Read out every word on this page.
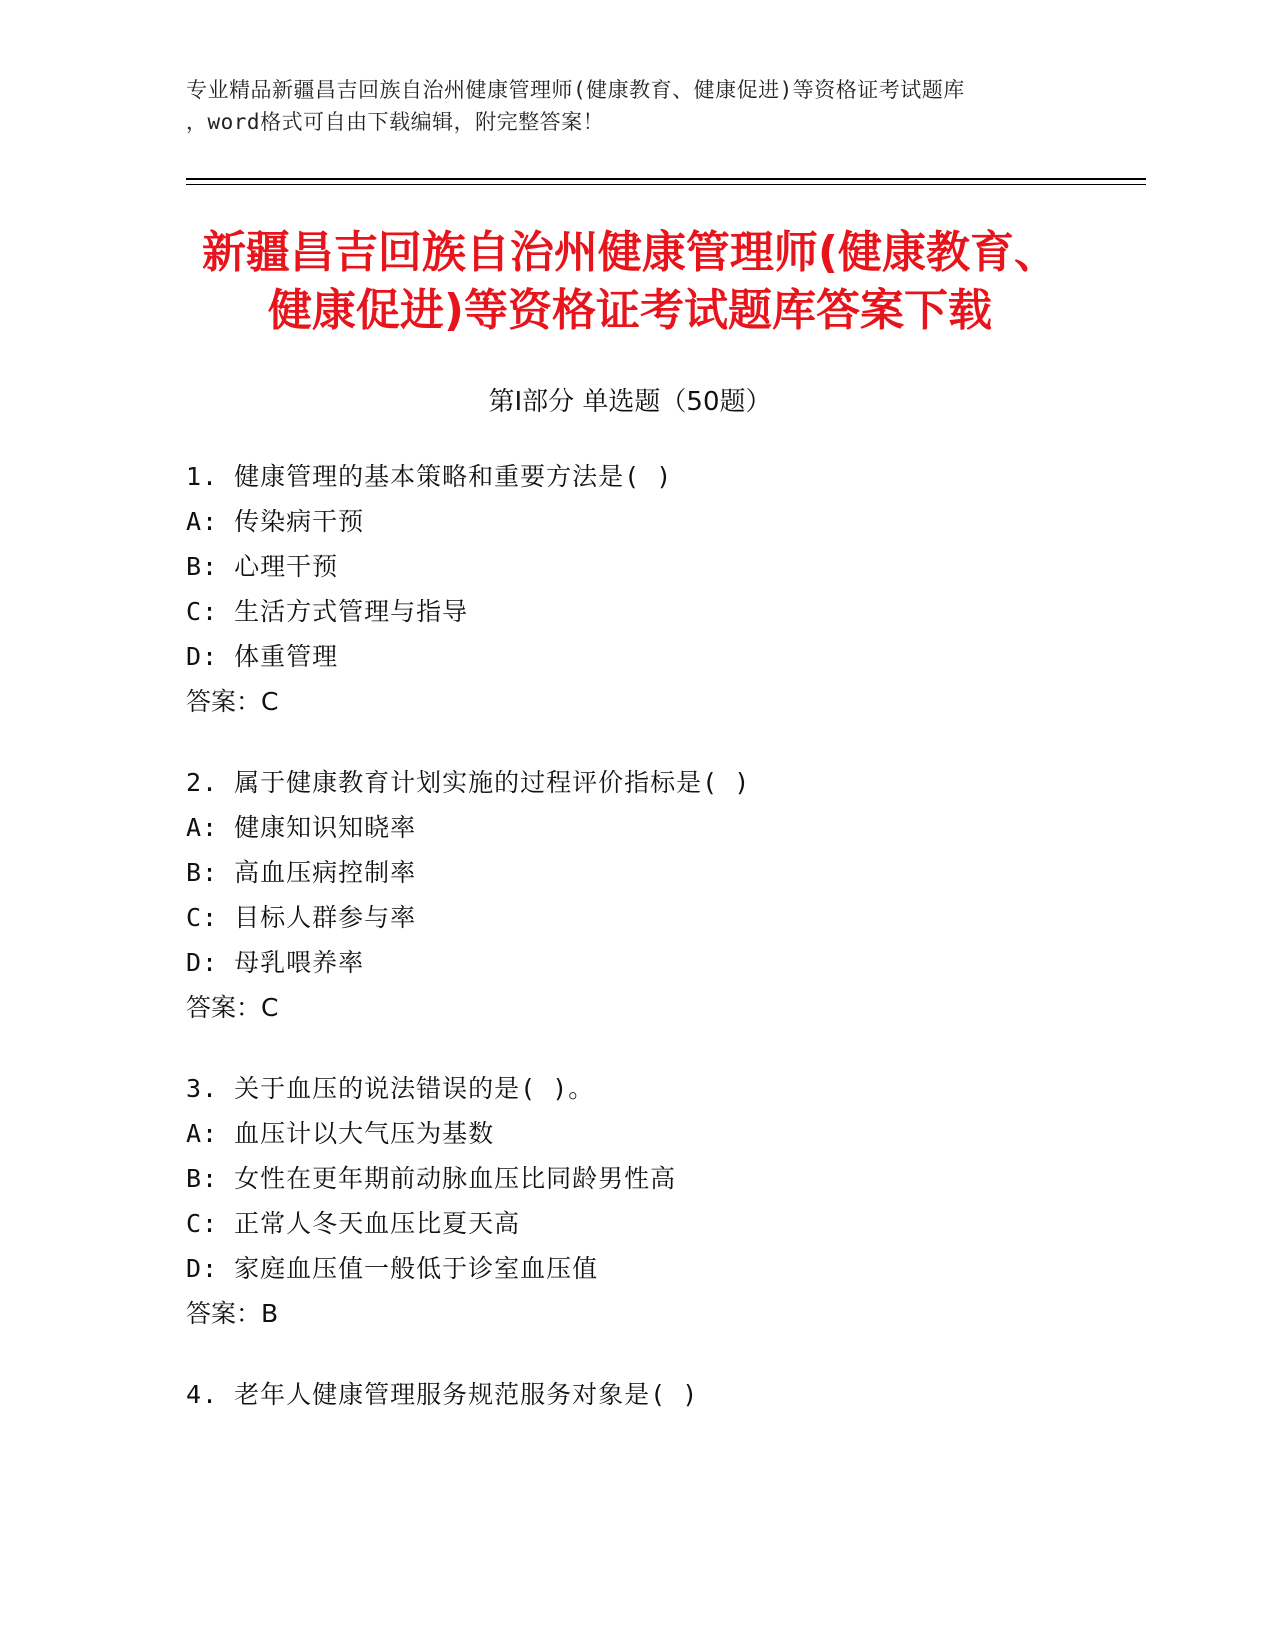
专业精品新疆昌吉回族自治州健康管理师(健康教育、健康促进)等资格证考试题库
，word格式可自由下载编辑，附完整答案！
新疆昌吉回族自治州健康管理师(健康教育、
健康促进)等资格证考试题库答案下载
第Ⅰ部分 单选题（50题）
1. 健康管理的基本策略和重要方法是( )
A: 传染病干预
B: 心理干预
C: 生活方式管理与指导
D: 体重管理
答案：C
2. 属于健康教育计划实施的过程评价指标是( )
A: 健康知识知晓率
B: 高血压病控制率
C: 目标人群参与率
D: 母乳喂养率
答案：C
3. 关于血压的说法错误的是( )。
A: 血压计以大气压为基数
B: 女性在更年期前动脉血压比同龄男性高
C: 正常人冬天血压比夏天高
D: 家庭血压值一般低于诊室血压值
答案：B
4. 老年人健康管理服务规范服务对象是( )
